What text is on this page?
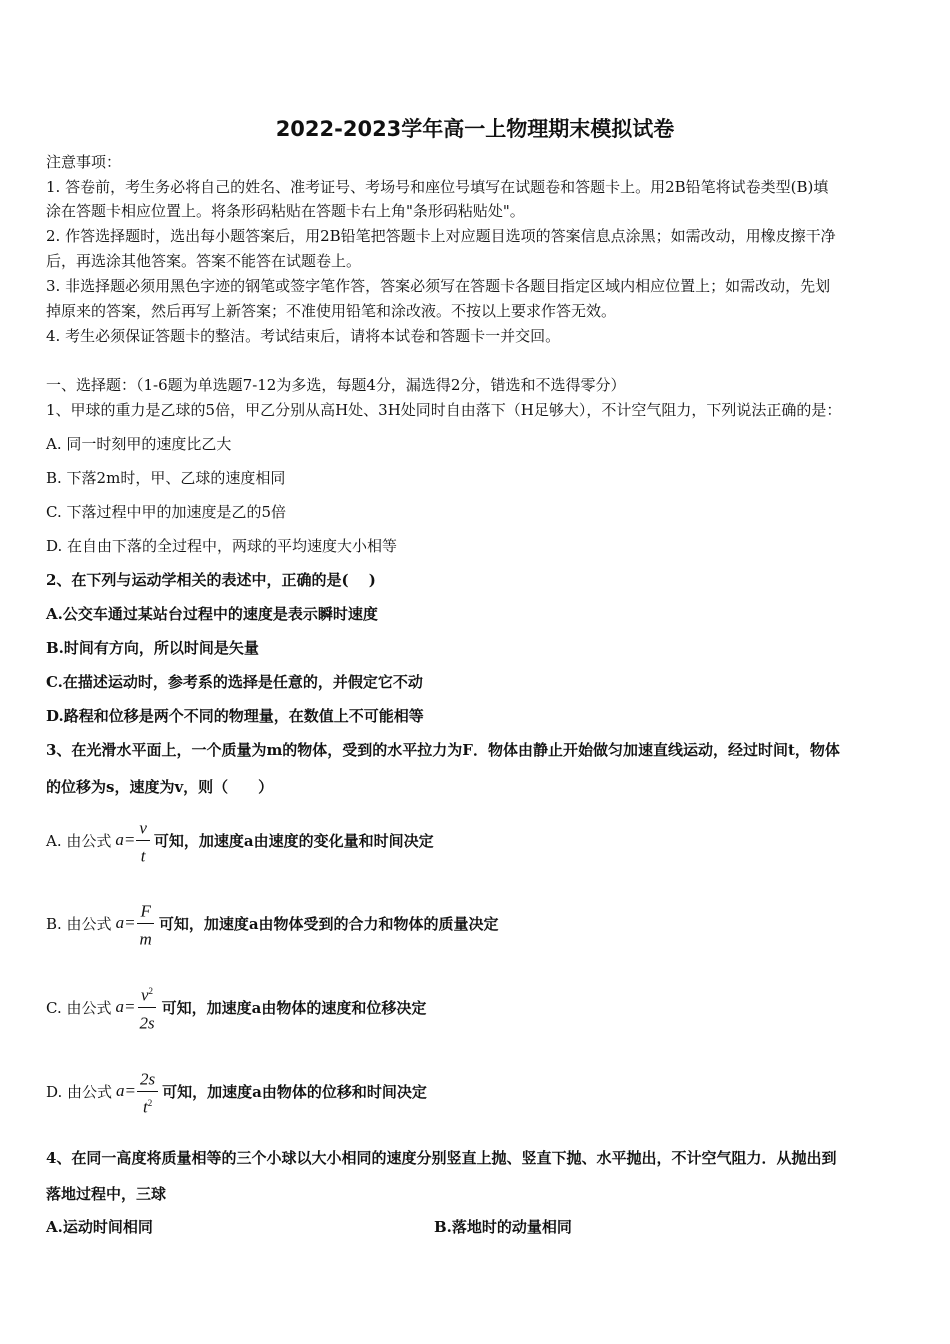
2022-2023学年高一上物理期末模拟试卷
注意事项：
1. 答卷前，考生务必将自己的姓名、准考证号、考场号和座位号填写在试题卷和答题卡上。用2B铅笔将试卷类型(B)填
涂在答题卡相应位置上。将条形码粘贴在答题卡右上角"条形码粘贴处"。
2. 作答选择题时，选出每小题答案后，用2B铅笔把答题卡上对应题目选项的答案信息点涂黑；如需改动，用橡皮擦干净
后，再选涂其他答案。答案不能答在试题卷上。
3. 非选择题必须用黑色字迹的钢笔或签字笔作答，答案必须写在答题卡各题目指定区域内相应位置上；如需改动，先划
掉原来的答案，然后再写上新答案；不准使用铅笔和涂改液。不按以上要求作答无效。
4. 考生必须保证答题卡的整洁。考试结束后，请将本试卷和答题卡一并交回。
一、选择题：（1-6题为单选题7-12为多选，每题4分，漏选得2分，错选和不选得零分）
1、甲球的重力是乙球的5倍，甲乙分别从高H处、3H处同时自由落下（H足够大），不计空气阻力，下列说法正确的是：
A. 同一时刻甲的速度比乙大
B. 下落2m时，甲、乙球的速度相同
C. 下落过程中甲的加速度是乙的5倍
D. 在自由下落的全过程中，两球的平均速度大小相等
2、在下列与运动学相关的表述中，正确的是(　 )
A.公交车通过某站台过程中的速度是表示瞬时速度
B.时间有方向，所以时间是矢量
C.在描述运动时，参考系的选择是任意的，并假定它不动
D.路程和位移是两个不同的物理量，在数值上不可能相等
3、在光滑水平面上，一个质量为m的物体，受到的水平拉力为F．物体由静止开始做匀加速直线运动，经过时间t，物体
的位移为s，速度为v，则（　　）
A. 由公式 $a= \frac{v}{t}$ 可知，加速度a由速度的变化量和时间决定
B. 由公式 $a= \frac{F}{m}$ 可知，加速度a由物体受到的合力和物体的质量决定
C. 由公式 $a= \frac{v^2}{2s}$ 可知，加速度a由物体的速度和位移决定
D. 由公式 $a= \frac{2s}{t^2}$ 可知，加速度a由物体的位移和时间决定
4、在同一高度将质量相等的三个小球以大小相同的速度分别竖直上抛、竖直下抛、水平抛出，不计空气阻力．从抛出到
落地过程中，三球
A.运动时间相同	B.落地时的动量相同
